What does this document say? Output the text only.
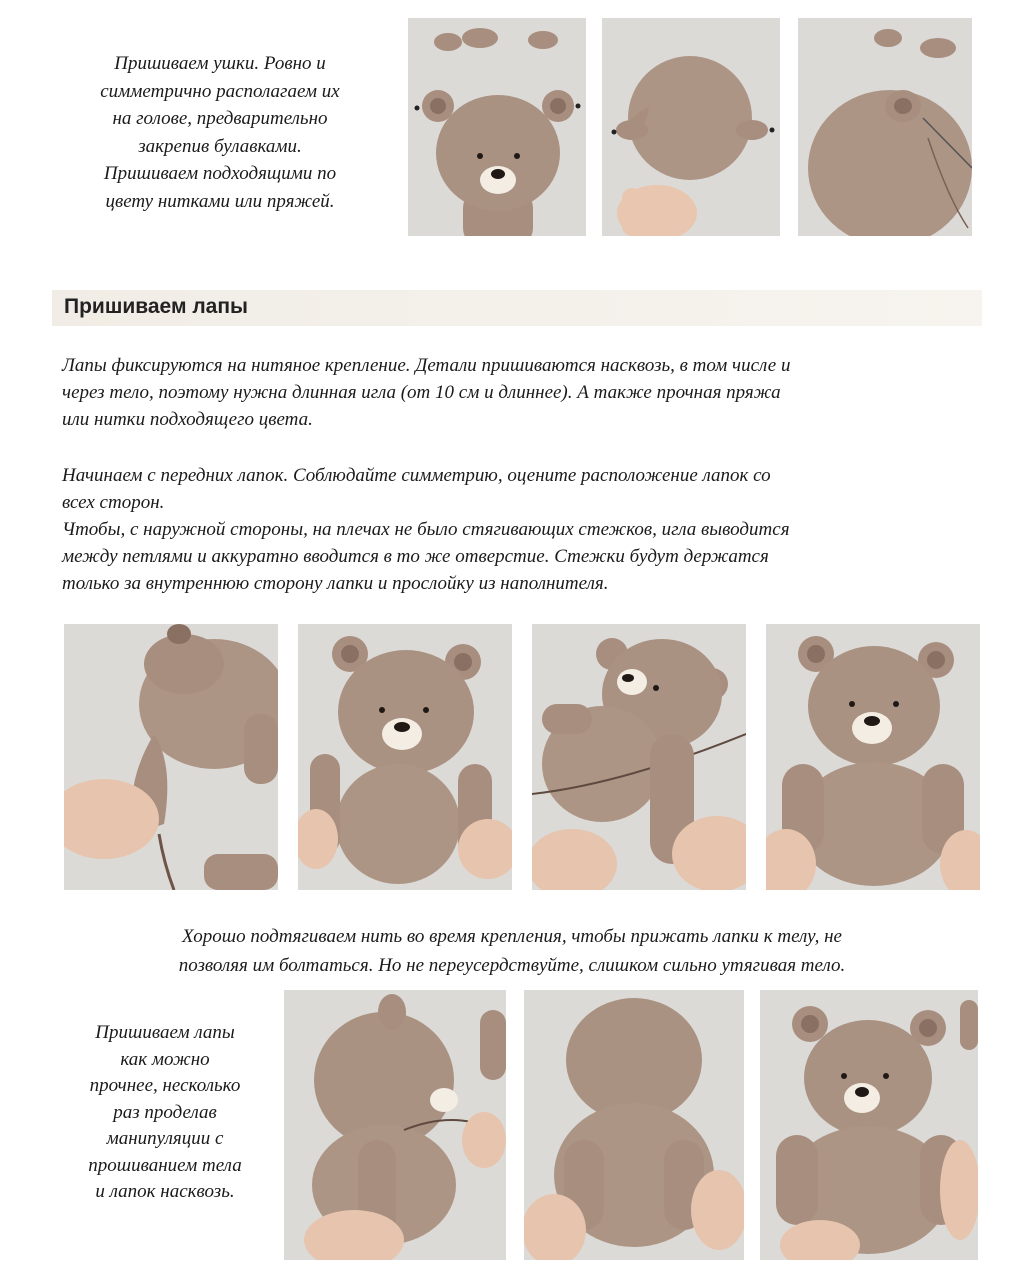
Пришиваем ушки. Ровно и
симметрично располагаем их
на голове, предварительно
закрепив булавками.
Пришиваем подходящими по
цвету нитками или пряжей.
Пришиваем лапы
Лапы фиксируются на нитяное крепление. Детали пришиваются насквозь, в том числе и
через тело, поэтому нужна длинная игла (от 10 см и длиннее). А также прочная пряжа
или нитки подходящего цвета.
Начинаем с передних лапок. Соблюдайте симметрию, оцените расположение лапок со
всех сторон.
Чтобы, с наружной стороны, на плечах не было стягивающих стежков, игла выводится
между петлями и аккуратно вводится в то же отверстие. Стежки будут держатся
только за внутреннюю сторону лапки и прослойку из наполнителя.
Хорошо подтягиваем нить во время крепления, чтобы прижать лапки к телу, не
позволяя им болтаться. Но не переусердствуйте, слишком сильно утягивая тело.
Пришиваем лапы
как можно
прочнее, несколько
раз проделав
манипуляции с
прошиванием тела
и лапок насквозь.
